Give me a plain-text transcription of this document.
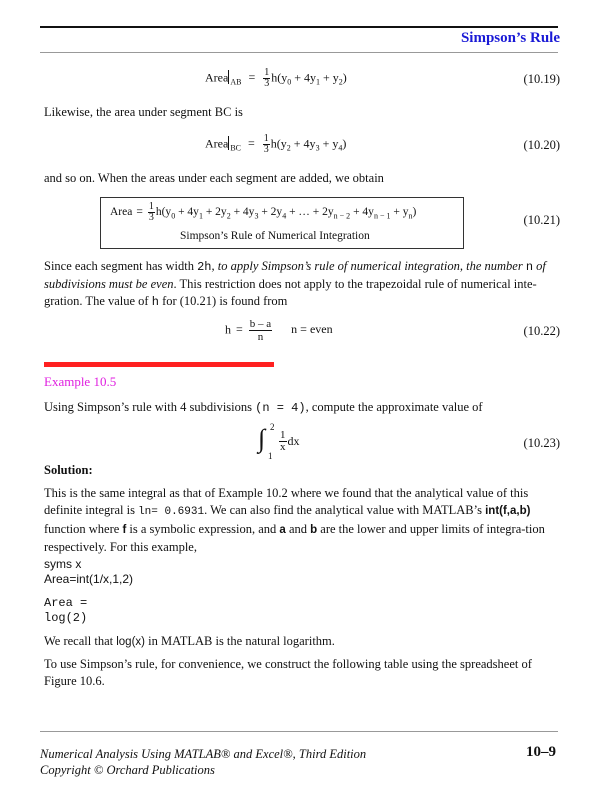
Simpson’s Rule
Area $_{AB} = \frac{1}{3} h(y_0 + 4y_1 + y_2)$	(10.19)
Likewise, the area under segment BC is
Area $_{BC} = \frac{1}{3} h(y_2 + 4y_3 + y_4)$	(10.20)
and so on. When the areas under each segment are added, we obtain
Area = $\frac{1}{3} h(y_0 + 4y_1 + 2y_2 + 4y_3 + 2y_4$ + … + $2y_{n - 2} + 4y_{n - 1} + y_n$)
Simpson’s Rule of Numerical Integration
(10.21)
Since each segment has width 2h, to apply Simpson’s rule of numerical integration, the number n of subdivisions must be even. This restriction does not apply to the trapezoidal rule of numerical inte-gration. The value of h for (10.21) is found from
$h = \frac{b - a}{n}$ n = even	(10.22)
Example 10.5
Using Simpson’s rule with 4 subdivisions (n = 4), compute the approximate value of
∫ 2
1
$\frac{1}{x}$ dx	(10.23)
Solution:
This is the same integral as that of Example 10.2 where we found that the analytical value of this definite integral is ln= 0.6931. We can also find the analytical value with MATLAB’s int(f,a,b) function where f is a symbolic expression, and a and b are the lower and upper limits of integra-tion respectively. For this example,
syms x
Area=int(1/x,1,2)
Area =
log(2)
We recall that log(x) in MATLAB is the natural logarithm.
To use Simpson’s rule, for convenience, we construct the following table using the spreadsheet of Figure 10.6.
Numerical Analysis Using MATLAB® and Excel®, Third Edition
Copyright © Orchard Publications
10–9
